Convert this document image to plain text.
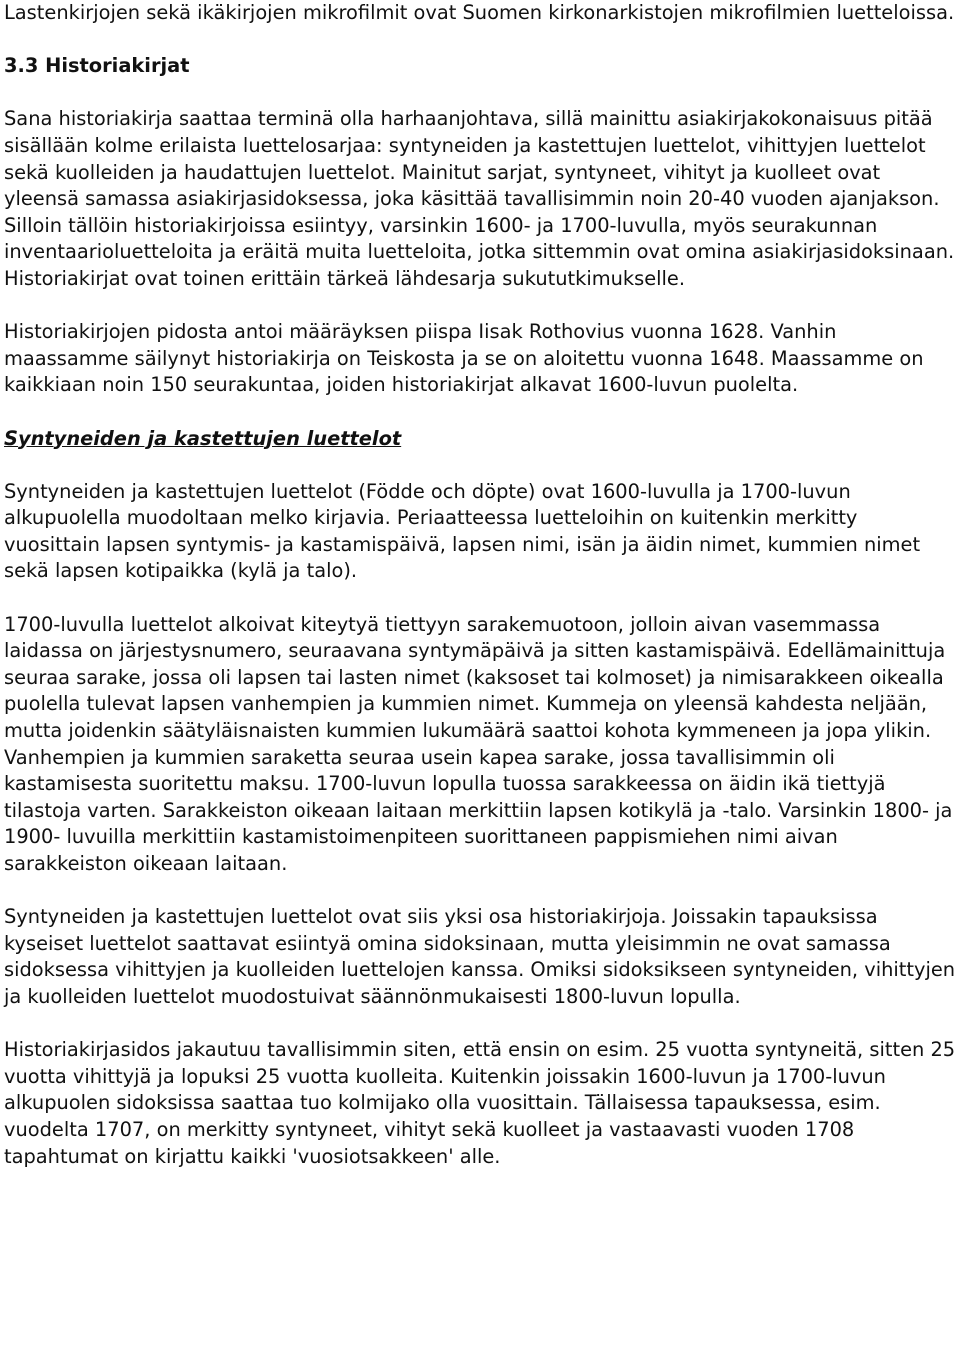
Lastenkirjojen sekä ikäkirjojen mikrofilmit ovat Suomen kirkonarkistojen mikrofilmien luetteloissa.

3.3 Historiakirjat

Sana historiakirja saattaa terminä olla harhaanjohtava, sillä mainittu asiakirjakokonaisuus pitää sisällään kolme erilaista luettelosarjaa: syntyneiden ja kastettujen luettelot, vihittyjen luettelot sekä kuolleiden ja haudattujen luettelot. Mainitut sarjat, syntyneet, vihityt ja kuolleet ovat yleensä samassa asiakirjasidoksessa, joka käsittää tavallisimmin noin 20-40 vuoden ajanjakson. Silloin tällöin historiakirjoissa esiintyy, varsinkin 1600- ja 1700-luvulla, myös seurakunnan inventaarioluetteloita ja eräitä muita luetteloita, jotka sittemmin ovat omina asiakirjasidoksinaan. Historiakirjat ovat toinen erittäin tärkeä lähdesarja sukututkimukselle.

Historiakirjojen pidosta antoi määräyksen piispa Iisak Rothovius vuonna 1628. Vanhin maassamme säilynyt historiakirja on Teiskosta ja se on aloitettu vuonna 1648. Maassamme on kaikkiaan noin 150 seurakuntaa, joiden historiakirjat alkavat 1600-luvun puolelta.

Syntyneiden ja kastettujen luettelot

Syntyneiden ja kastettujen luettelot (Födde och döpte) ovat 1600-luvulla ja 1700-luvun alkupuolella muodoltaan melko kirjavia. Periaatteessa luetteloihin on kuitenkin merkitty vuosittain lapsen syntymis- ja kastamispäivä, lapsen nimi, isän ja äidin nimet, kummien nimet sekä lapsen kotipaikka (kylä ja talo).

1700-luvulla luettelot alkoivat kiteytyä tiettyyn sarakemuotoon, jolloin aivan vasemmassa laidassa on järjestysnumero, seuraavana syntymäpäivä ja sitten kastamispäivä. Edellämainittuja seuraa sarake, jossa oli lapsen tai lasten nimet (kaksoset tai kolmoset) ja nimisarakkeen oikealla puolella tulevat lapsen vanhempien ja kummien nimet. Kummeja on yleensä kahdesta neljään, mutta joidenkin säätyläisnaisten kummien lukumäärä saattoi kohota kymmeneen ja jopa ylikin. Vanhempien ja kummien saraketta seuraa usein kapea sarake, jossa tavallisimmin oli kastamisesta suoritettu maksu. 1700-luvun lopulla tuossa sarakkeessa on äidin ikä tiettyjä tilastoja varten. Sarakkeiston oikeaan laitaan merkittiin lapsen kotikylä ja -talo. Varsinkin 1800- ja 1900- luvuilla merkittiin kastamistoimenpiteen suorittaneen pappismiehen nimi aivan sarakkeiston oikeaan laitaan.

Syntyneiden ja kastettujen luettelot ovat siis yksi osa historiakirjoja. Joissakin tapauksissa kyseiset luettelot saattavat esiintyä omina sidoksinaan, mutta yleisimmin ne ovat samassa sidoksessa vihittyjen ja kuolleiden luettelojen kanssa. Omiksi sidoksikseen syntyneiden, vihittyjen ja kuolleiden luettelot muodostuivat säännönmukaisesti 1800-luvun lopulla.

Historiakirjasidos jakautuu tavallisimmin siten, että ensin on esim. 25 vuotta syntyneitä, sitten 25 vuotta vihittyjä ja lopuksi 25 vuotta kuolleita. Kuitenkin joissakin 1600-luvun ja 1700-luvun alkupuolen sidoksissa saattaa tuo kolmijako olla vuosittain. Tällaisessa tapauksessa, esim. vuodelta 1707, on merkitty syntyneet, vihityt sekä kuolleet ja vastaavasti vuoden 1708 tapahtumat on kirjattu kaikki 'vuosiotsakkeen' alle.
